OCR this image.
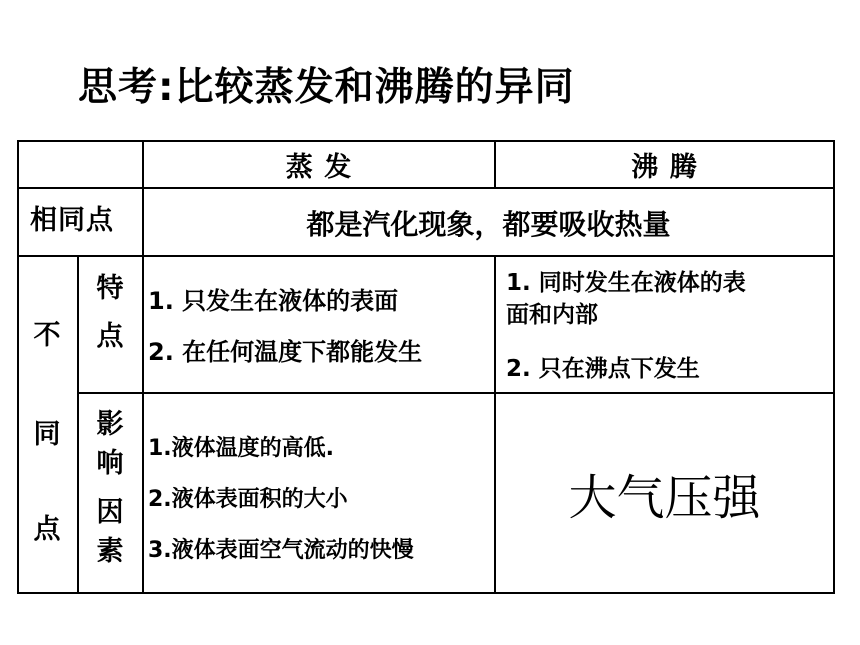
思考:比较蒸发和沸腾的异同
蒸 发	沸 腾
相同点	都是汽化现象，都要吸收热量
不
同
点
特
点
1. 只发生在液体的表面
2. 在任何温度下都能发生
1. 同时发生在液体的表
面和内部
2. 只在沸点下发生
影
响
因
素
1.液体温度的高低.
2.液体表面积的大小
3.液体表面空气流动的快慢
大气压强
